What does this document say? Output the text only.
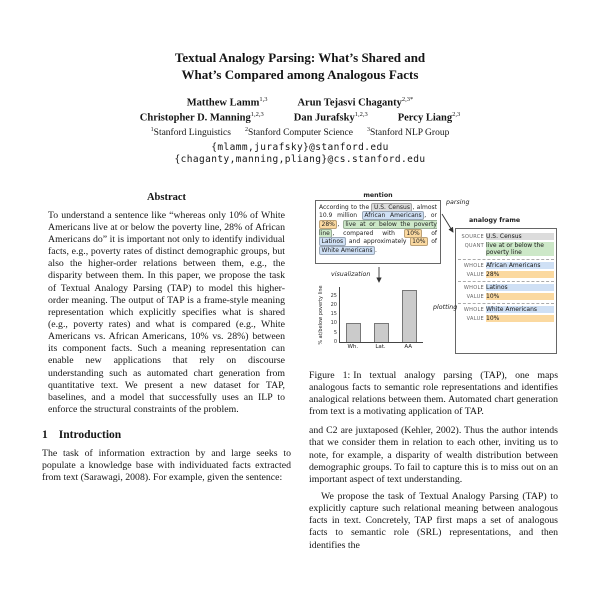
Textual Analogy Parsing: What’s Shared and
What’s Compared among Analogous Facts
Matthew Lamm$^{1,3}$	Arun Tejasvi Chaganty$^{2,3*}$
Christopher D. Manning$^{1,2,3}$	Dan Jurafsky$^{1,2,3}$	Percy Liang$^{2,3}$
$^1$Stanford Linguistics $^2$Stanford Computer Science $^3$Stanford NLP Group
{mlamm,jurafsky}@stanford.edu
{chaganty,manning,pliang}@cs.stanford.edu
Abstract

To understand a sentence like “whereas only 10% of White Americans live at or below the poverty line, 28% of African Americans do” it is important not only to identify individual facts, e.g., poverty rates of distinct demographic groups, but also the higher-order relations between them, e.g., the disparity between them. In this paper, we propose the task of Textual Analogy Parsing (TAP) to model this higher-order meaning. The output of TAP is a frame-style meaning representation which explicitly specifies what is shared (e.g., poverty rates) and what is compared (e.g., White Americans vs. African Americans, 10% vs. 28%) between its component facts. Such a meaning representation can enable new applications that rely on discourse understanding such as automated chart generation from quantitative text. We present a new dataset for TAP, baselines, and a model that successfully uses an ILP to enforce the structural constraints of the problem.

1 Introduction

The task of information extraction by and large seeks to populate a knowledge base with individuated facts extracted from text (Sarawagi, 2008). For example, given the sentence:

mention
According to the U.S. Census , almost 10.9 million African Americans , or 28% , live at or below the poverty line , compared with 10% of Latinos and approximately 10% of White Americans .
parsing
analogy frame
SOURCE U.S. Census
QUANT live at or below the poverty line
WHOLE African Americans
VALUE 28%
WHOLE Latinos
VALUE 10%
WHOLE White Americans
VALUE 10%
visualization
plotting
% at/below poverty line	0
5
10
15
20
25
Wh.	Lat.	AA

Figure 1: In textual analogy parsing (TAP), one maps analogous facts to semantic role representations and identifies analogical relations between them. Automated chart generation from text is a motivating application of TAP.

and C2 are juxtaposed (Kehler, 2002). Thus the author intends that we consider them in relation to each other, inviting us to note, for example, a disparity of wealth distribution between demographic groups. To fail to capture this is to miss out on an important aspect of text understanding.

We propose the task of Textual Analogy Parsing (TAP) to explicitly capture such relational meaning between analogous facts in text. Concretely, TAP first maps a set of analogous facts to semantic role (SRL) representations, and then identifies the
